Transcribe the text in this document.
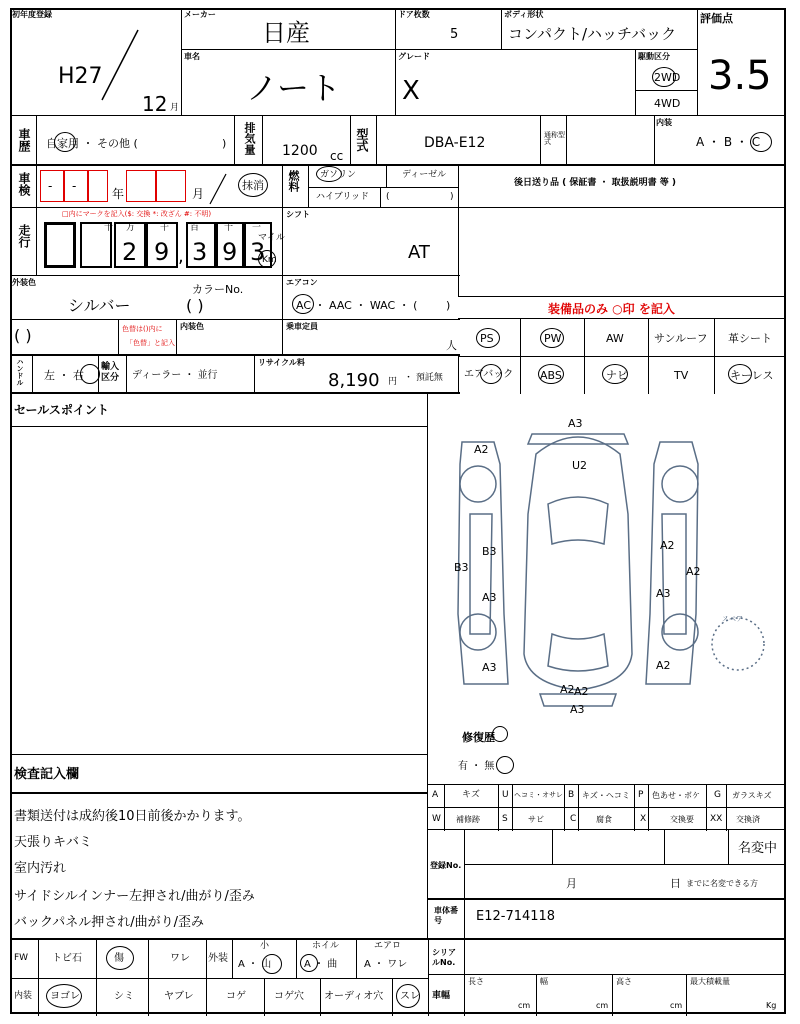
初年度登録
H27
12 月
メーカー
日産
車名
ノート
ドア枚数
5
ボディ形状
コンパクト/ハッチバック
グレード
X
駆動区分
2WD
4WD
評価点
3.5
車歴 自家用 ・ その他 (	) 排気量 1200 cc
型式	DBA-E12	通称型式
内装
A ・ B ・ C
車検 - -
年	月
抹消 燃料 ガソリン	ディーゼル
ハイブリッド (	)
後日送り品 ( 保証書 ・ 取扱説明書 等 )
走行
□内にマークを記入($: 交換 *: 改ざん #: 不明)
十 万
2
千
9 ,
百
3
十
9
一
3
マイル
Km
シフト
AT
外装色
シルバー
カラーNo.
( )
エアコン
AC ・ AAC ・ WAC ・ (	)
( )	色替は()内に
「色替」と記入
内装色	乗車定員
人
装備品のみ ○印 を記入
PS	PW	AW	サンルーフ 革シート
エアバック ABS	ナビ	TV	キーレス
ハンドル 左 ・ 右
輸入区分	ディーラー ・ 並行
リサイクル料
8,190 円 ・ 預託無
セールスポイント
A3
U2
A2
A2
B3
B3
A3	A3
A2
A2
A3
A2
A2
A3
スペア
修復歴
有 ・ 無
A	キズ U ヘコミ・オサレ B キズ・ヘコミ P 色あせ・ボケ G ガラスキズ
W 補修跡 S	サビ	C 腐食	X	交換要 XX 交換済
検査記入欄
書類送付は成約後10日前後かかります。
天張りキバミ
室内汚れ
サイドシルインナー左押され/曲がり/歪み
バックパネル押され/曲がり/歪み
登録No.
名変中
月	日 までに名変できる方
車体番号	E12-714118
FW トビ石	傷	ワレ 外装
小
A ・ 山
ホイル
A ・ 曲
エアロ
A ・ ワレ
内装 ヨゴレ	シミ	ヤブレ	コゲ	コゲ穴 オーディオ穴 スレ
シリアルNo.
車幅
長さ
cm
幅
cm
高さ
cm
最大積載量
Kg
